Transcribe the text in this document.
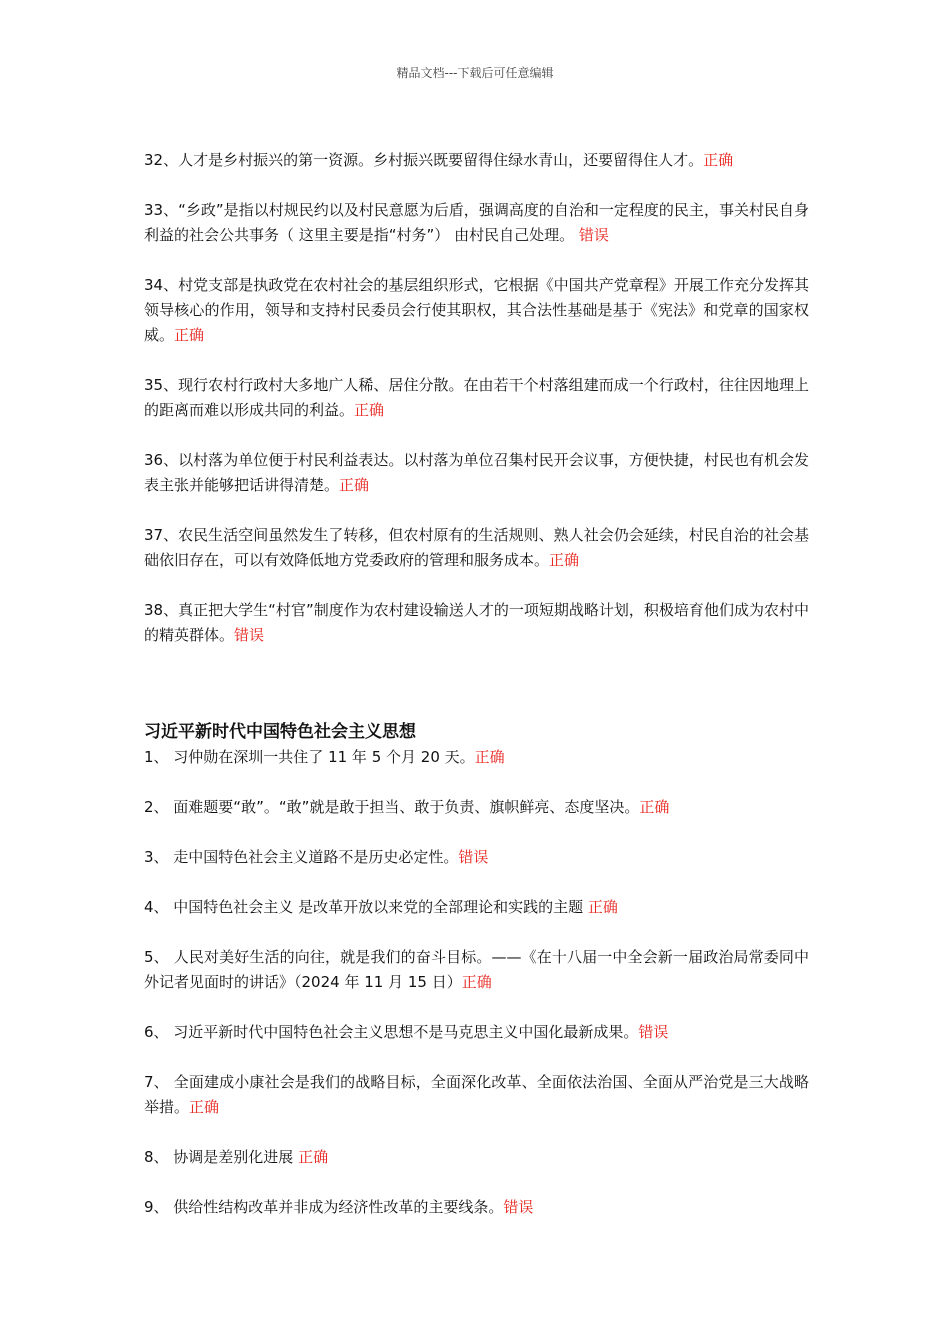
精品文档---下载后可任意编辑

32、人才是乡村振兴的第一资源。乡村振兴既要留得住绿水青山，还要留得住人才。正确

33、“乡政”是指以村规民约以及村民意愿为后盾，强调高度的自治和一定程度的民主，事关村民自身利益的社会公共事务（ 这里主要是指“村务”） 由村民自己处理。 错误

34、村党支部是执政党在农村社会的基层组织形式，它根据《中国共产党章程》开展工作充分发挥其领导核心的作用，领导和支持村民委员会行使其职权，其合法性基础是基于《宪法》和党章的国家权威。正确

35、现行农村行政村大多地广人稀、居住分散。在由若干个村落组建而成一个行政村，往往因地理上的距离而难以形成共同的利益。正确

36、以村落为单位便于村民利益表达。以村落为单位召集村民开会议事，方便快捷，村民也有机会发表主张并能够把话讲得清楚。正确

37、农民生活空间虽然发生了转移，但农村原有的生活规则、熟人社会仍会延续，村民自治的社会基础依旧存在，可以有效降低地方党委政府的管理和服务成本。正确

38、真正把大学生“村官”制度作为农村建设输送人才的一项短期战略计划，积极培育他们成为农村中的精英群体。错误

习近平新时代中国特色社会主义思想

1、 习仲勋在深圳一共住了 11 年 5 个月 20 天。正确

2、 面难题要“敢”。“敢”就是敢于担当、敢于负责、旗帜鲜亮、态度坚决。正确

3、 走中国特色社会主义道路不是历史必定性。错误

4、 中国特色社会主义 是改革开放以来党的全部理论和实践的主题 正确

5、 人民对美好生活的向往，就是我们的奋斗目标。——《在十八届一中全会新一届政治局常委同中外记者见面时的讲话》（2024 年 11 月 15 日）正确

6、 习近平新时代中国特色社会主义思想不是马克思主义中国化最新成果。错误

7、 全面建成小康社会是我们的战略目标，全面深化改革、全面依法治国、全面从严治党是三大战略举措。正确

8、 协调是差别化进展 正确

9、 供给性结构改革并非成为经济性改革的主要线条。错误
